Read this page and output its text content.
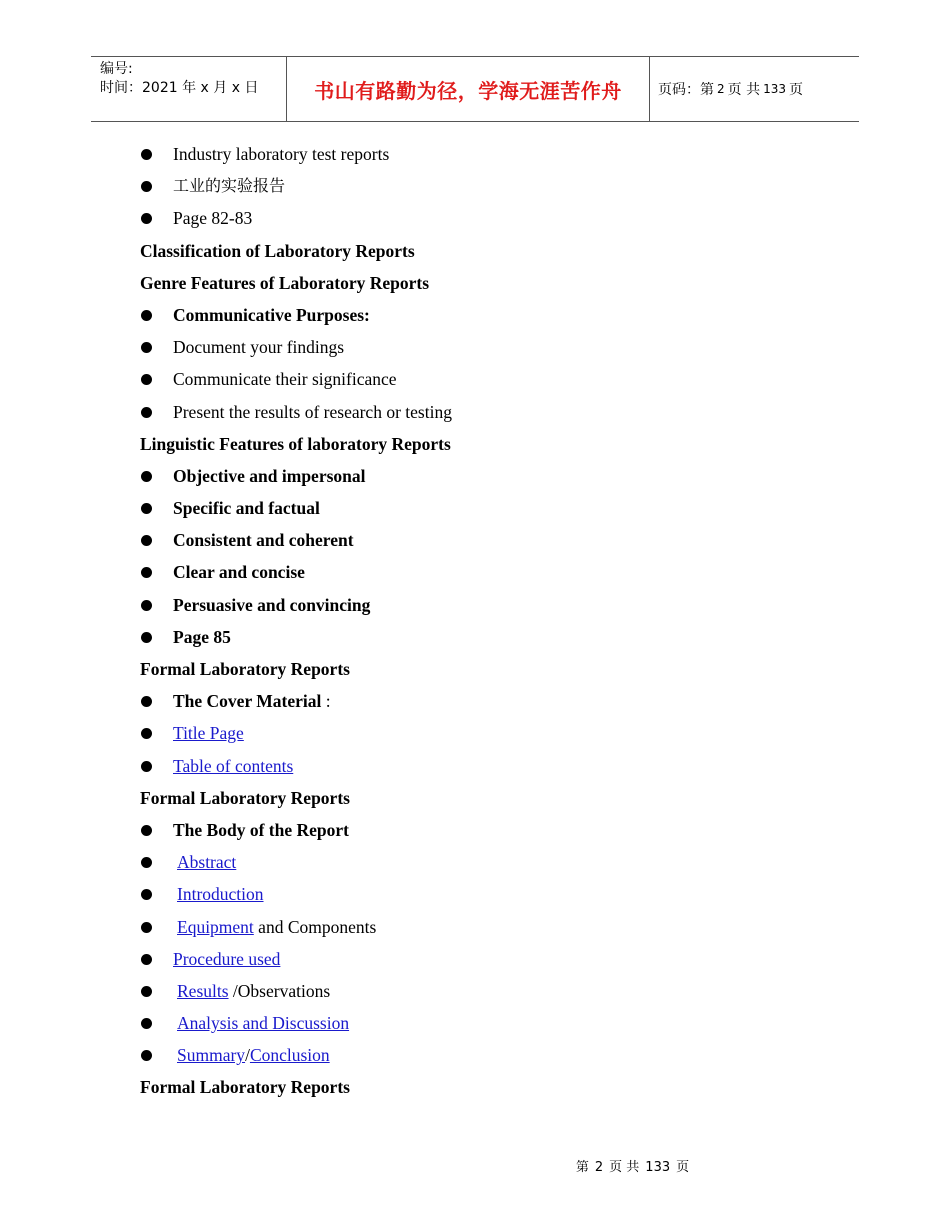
编号:
时间：2021 年 x 月 x 日	书山有路勤为径，学海无涯苦作舟	页码：第 2 页 共 133 页
Industry laboratory test reports
工业的实验报告
Page 82-83
Classification of Laboratory Reports
Genre Features of Laboratory Reports
Communicative Purposes:
Document your findings
Communicate their significance
Present the results of research or testing
Linguistic Features of laboratory Reports
Objective and impersonal
Specific and factual
Consistent and coherent
Clear and concise
Persuasive and convincing
Page 85
Formal Laboratory Reports
The Cover Material :
Title Page
Table of contents
Formal Laboratory Reports
The Body of the Report
Abstract
Introduction
Equipment and Components
Procedure used
Results /Observations
Analysis and Discussion
Summary/Conclusion
Formal Laboratory Reports
第 2 页 共 133 页
